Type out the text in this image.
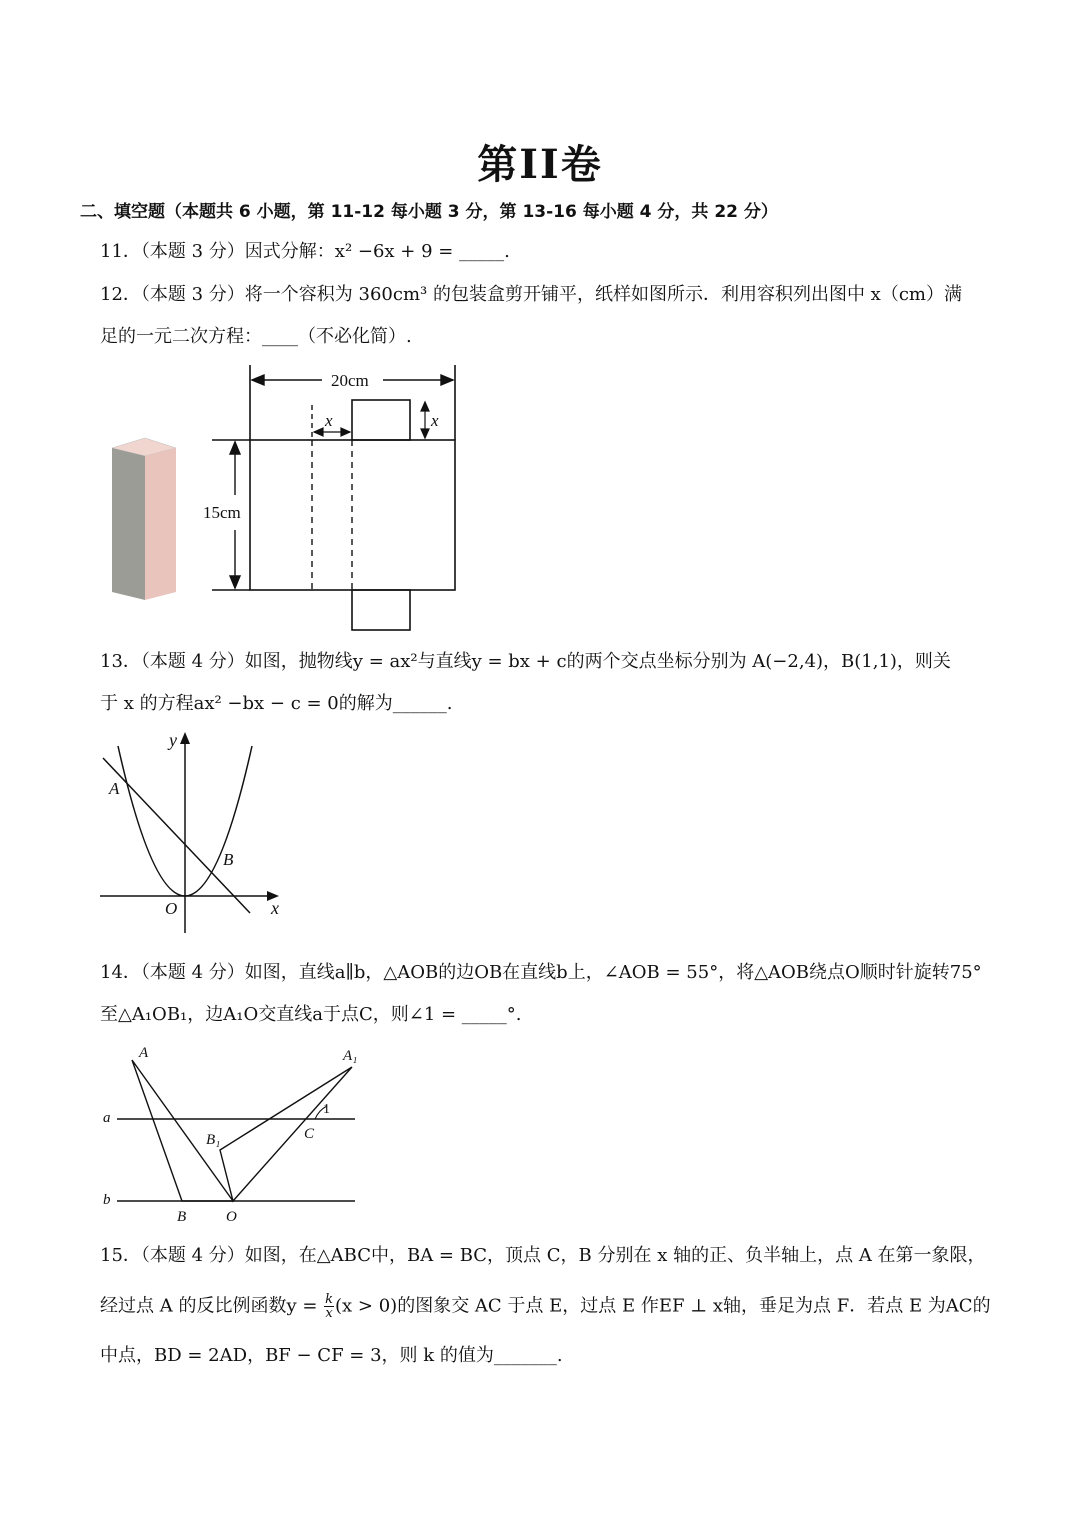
第II卷
二、填空题（本题共 6 小题，第 11-12 每小题 3 分，第 13-16 每小题 4 分，共 22 分）
11．（本题 3 分）因式分解：x² −6x + 9 = _____.
12．（本题 3 分）将一个容积为 360cm³ 的包装盒剪开铺平，纸样如图所示．利用容积列出图中 x（cm）满
足的一元二次方程：____（不必化简）.
20cm
15cm
x	x
13．（本题 4 分）如图，抛物线y = ax²与直线y = bx + c的两个交点坐标分别为 A(−2,4)，B(1,1)，则关
于 x 的方程ax² −bx − c = 0的解为______.
y
x
A
B
O
14．（本题 4 分）如图，直线a∥b，△AOB的边OB在直线b上，∠AOB = 55°，将△AOB绕点O顺时针旋转75°
至△A₁OB₁，边A₁O交直线a于点C，则∠1 = _____°.
A	A₁
a
b
B₁	C
1
B	O
15．（本题 4 分）如图，在△ABC中，BA = BC，顶点 C，B 分别在 x 轴的正、负半轴上，点 A 在第一象限，
经过点 A 的反比例函数$y = \frac{k}{x} (x > 0)$的图象交 AC 于点 E，过点 E 作EF ⊥ x轴，垂足为点 F．若点 E 为AC的
中点，BD = 2AD，BF − CF = 3，则 k 的值为_______.
